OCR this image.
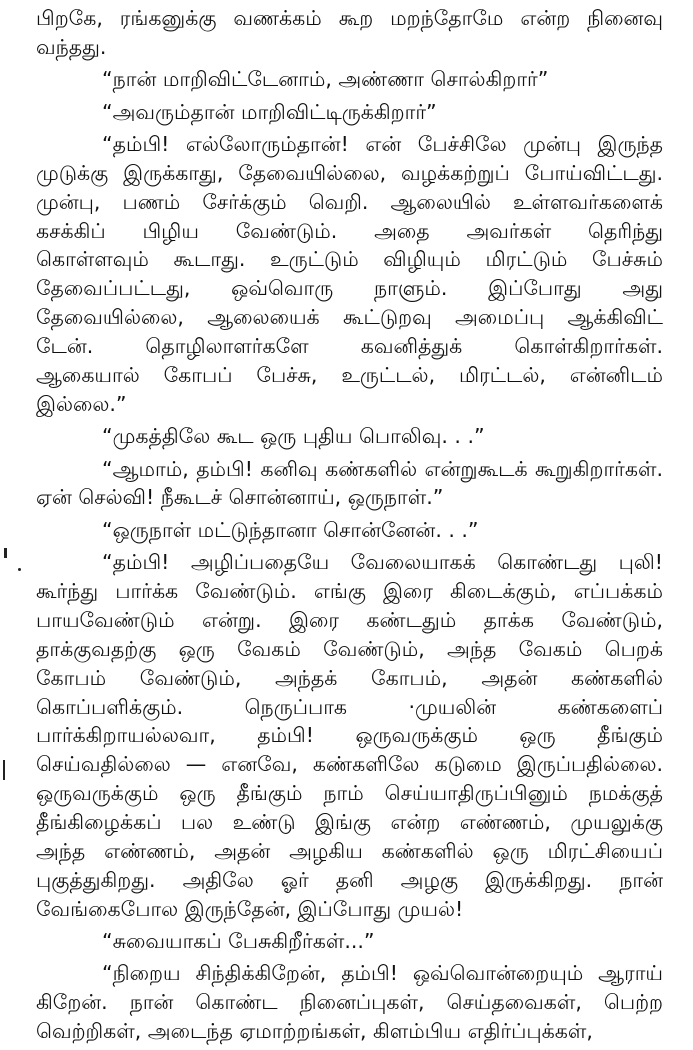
பிறகே, ரங்கனுக்கு வணக்கம் கூற மறந்தோமே என்ற நினைவு
வந்தது.
“நான் மாறிவிட்டேனாம், அண்ணா சொல்கிறார்”
“அவரும்தான் மாறிவிட்டிருக்கிறார்”
“தம்பி! எல்லோரும்தான்! என் பேச்சிலே முன்பு இருந்த
முடுக்கு இருக்காது, தேவையில்லை, வழக்கற்றுப் போய்விட்டது.
முன்பு, பணம் சேர்க்கும் வெறி. ஆலையில் உள்ளவர்களைக்
கசக்கிப் பிழிய வேண்டும். அதை அவர்கள் தெரிந்து
கொள்ளவும் கூடாது. உருட்டும் விழியும் மிரட்டும் பேச்சும்
தேவைப்பட்டது, ஒவ்வொரு நாளும். இப்போது அது
தேவையில்லை, ஆலையைக் கூட்டுறவு அமைப்பு ஆக்கிவிட்
டேன். தொழிலாளர்களே கவனித்துக் கொள்கிறார்கள்.
ஆகையால் கோபப் பேச்சு, உருட்டல், மிரட்டல், என்னிடம்
இல்லை.”
“முகத்திலே கூட ஒரு புதிய பொலிவு. . .”
“ஆமாம், தம்பி! கனிவு கண்களில் என்றுகூடக் கூறுகிறார்கள்.
ஏன் செல்வி! நீகூடச் சொன்னாய், ஒருநாள்.”
“ஒருநாள் மட்டுந்தானா சொன்னேன். . .”
“தம்பி! அழிப்பதையே வேலையாகக் கொண்டது புலி!
கூர்ந்து பார்க்க வேண்டும். எங்கு இரை கிடைக்கும், எப்பக்கம்
பாயவேண்டும் என்று. இரை கண்டதும் தாக்க வேண்டும்,
தாக்குவதற்கு ஒரு வேகம் வேண்டும், அந்த வேகம் பெறக்
கோபம் வேண்டும், அந்தக் கோபம், அதன் கண்களில்
கொப்பளிக்கும். நெருப்பாக ·முயலின் கண்களைப்
பார்க்கிறாயல்லவா, தம்பி! ஒருவருக்கும் ஒரு தீங்கும்
செய்வதில்லை — எனவே, கண்களிலே கடுமை இருப்பதில்லை.
ஒருவருக்கும் ஒரு தீங்கும் நாம் செய்யாதிருப்பினும் நமக்குத்
தீங்கிழைக்கப் பல உண்டு இங்கு என்ற எண்ணம், முயலுக்கு
அந்த எண்ணம், அதன் அழகிய கண்களில் ஒரு மிரட்சியைப்
புகுத்துகிறது. அதிலே ஓர் தனி அழகு இருக்கிறது. நான்
வேங்கைபோல இருந்தேன், இப்போது முயல்!
“சுவையாகப் பேசுகிறீர்கள்...”
“நிறைய சிந்திக்கிறேன், தம்பி! ஒவ்வொன்றையும் ஆராய்
கிறேன். நான் கொண்ட நினைப்புகள், செய்தவைகள், பெற்ற
வெற்றிகள், அடைந்த ஏமாற்றங்கள், கிளம்பிய எதிர்ப்புக்கள்,
